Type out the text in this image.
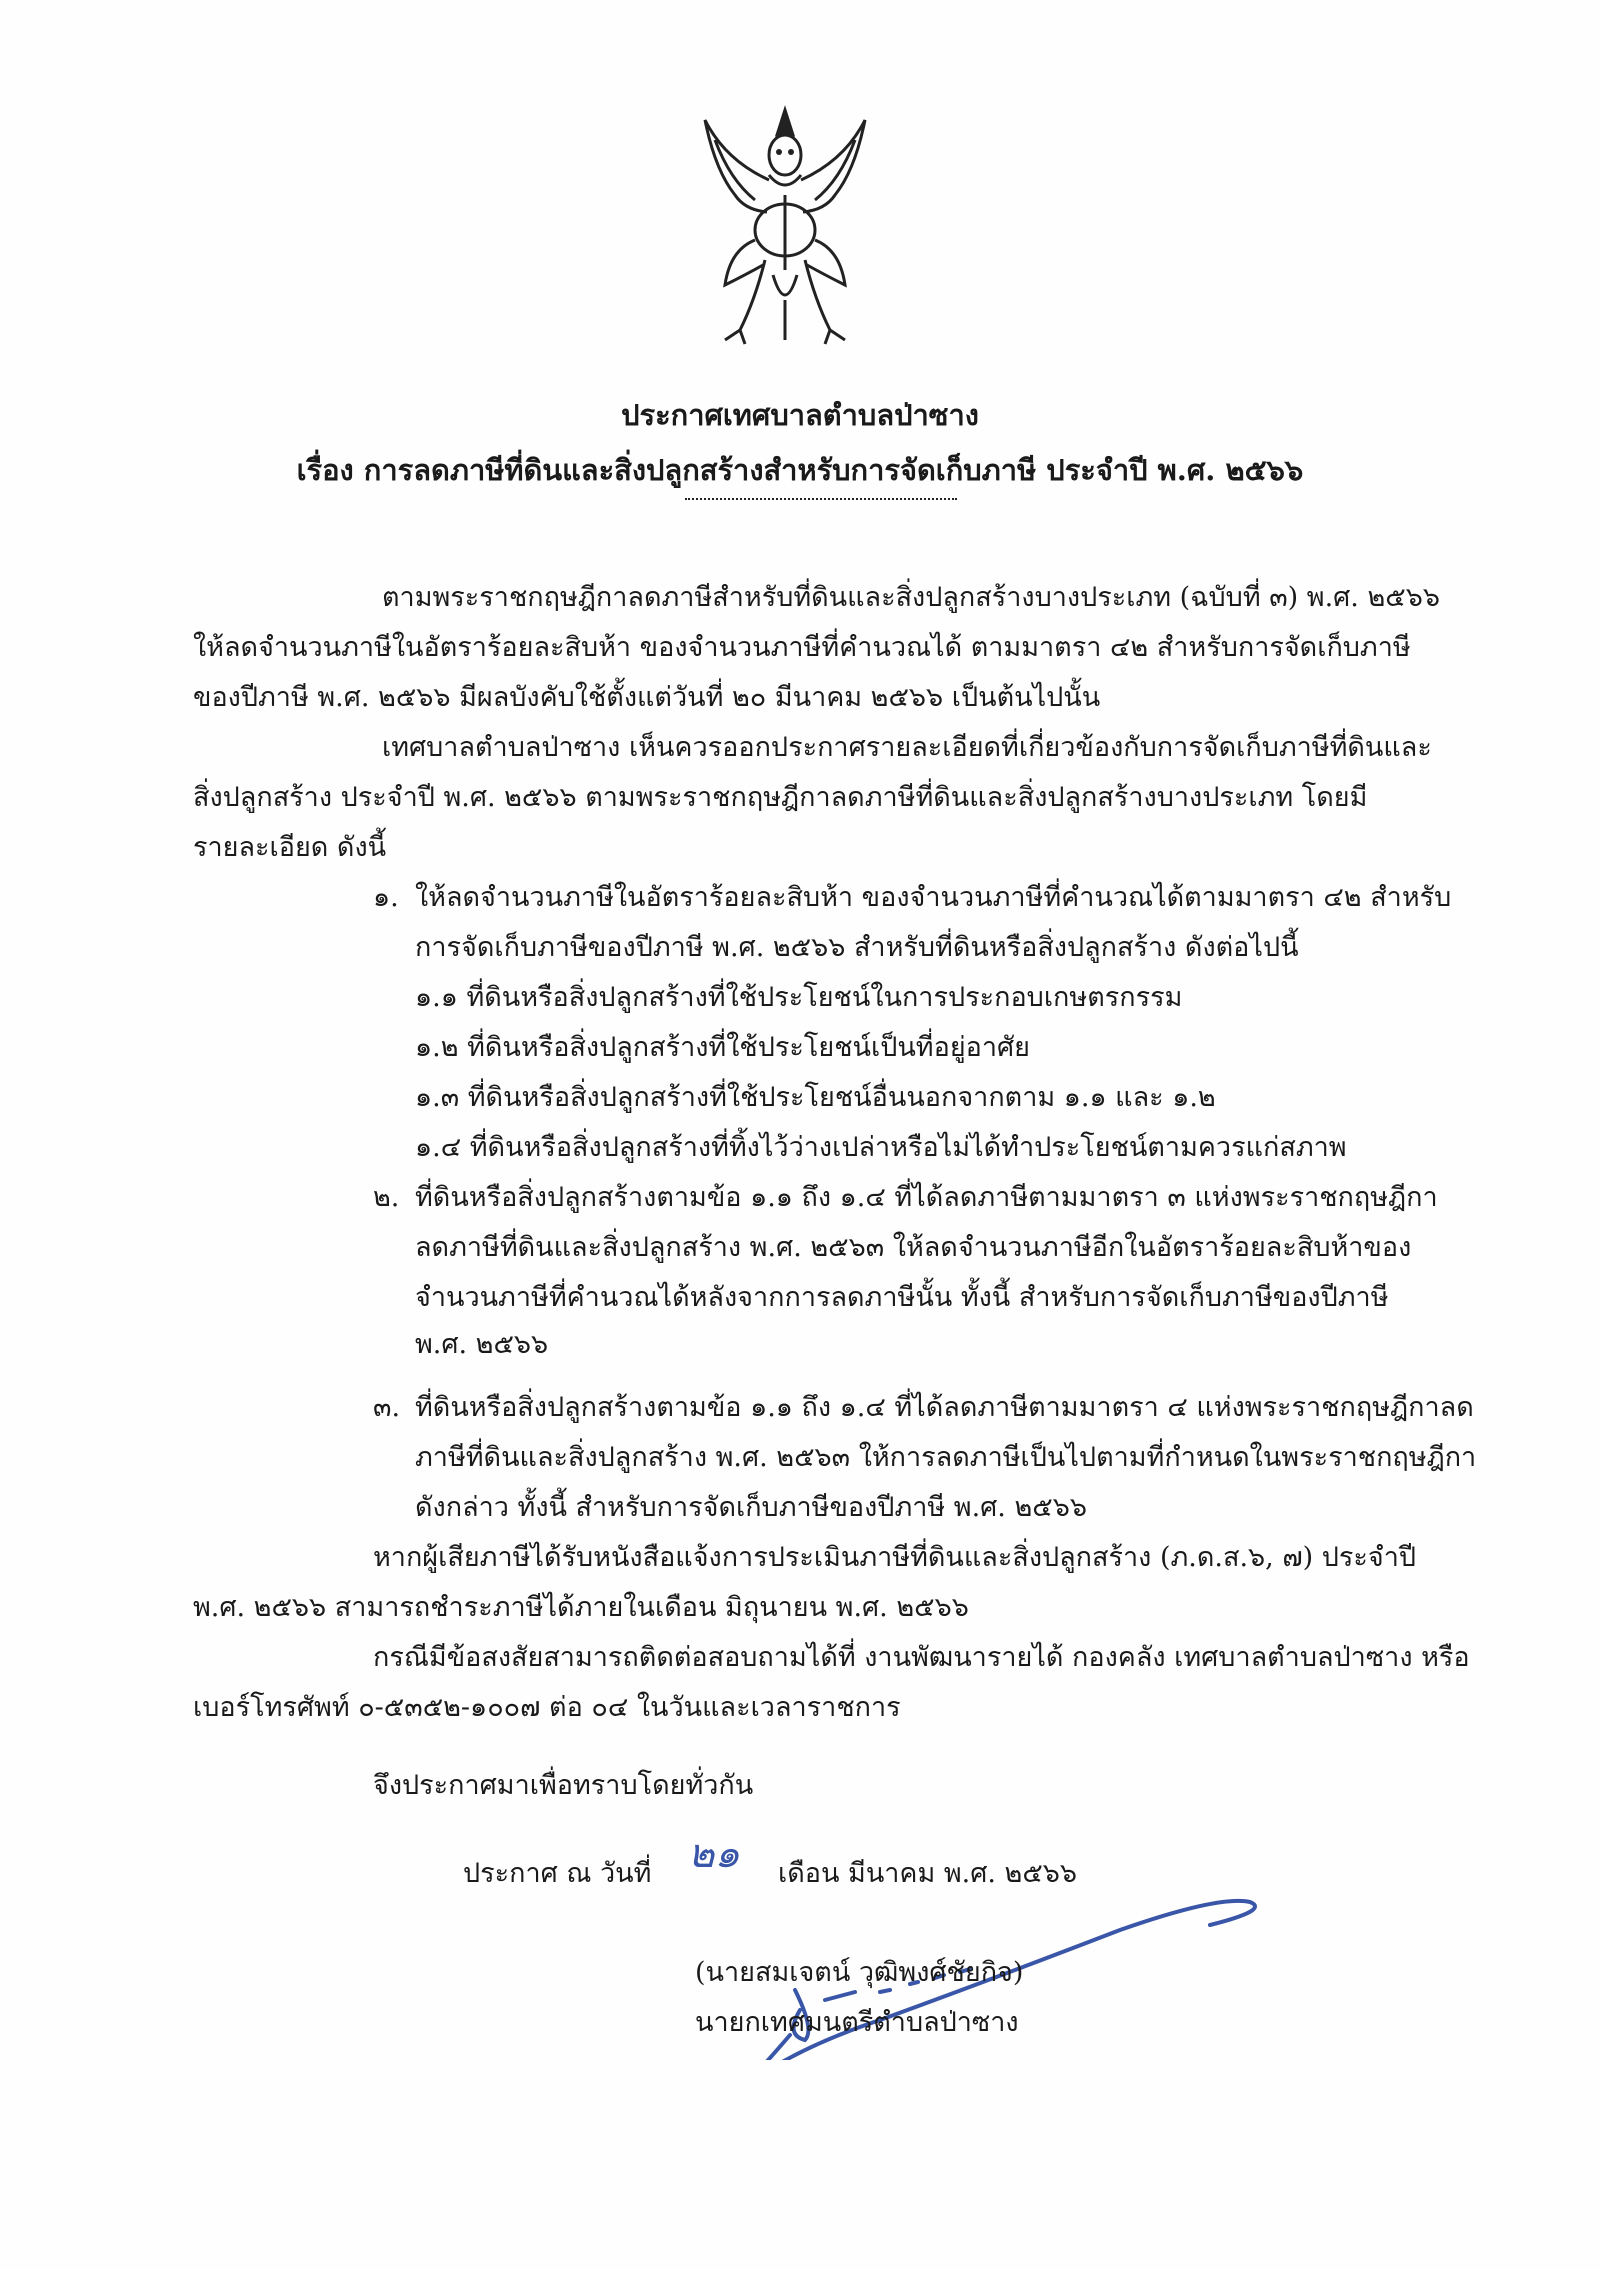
ประกาศเทศบาลตำบลป่าซาง
เรื่อง การลดภาษีที่ดินและสิ่งปลูกสร้างสำหรับการจัดเก็บภาษี ประจำปี พ.ศ. ๒๕๖๖
ตามพระราชกฤษฎีกาลดภาษีสำหรับที่ดินและสิ่งปลูกสร้างบางประเภท (ฉบับที่ ๓) พ.ศ. ๒๕๖๖
ให้ลดจำนวนภาษีในอัตราร้อยละสิบห้า ของจำนวนภาษีที่คำนวณได้ ตามมาตรา ๔๒ สำหรับการจัดเก็บภาษี
ของปีภาษี พ.ศ. ๒๕๖๖ มีผลบังคับใช้ตั้งแต่วันที่ ๒๐ มีนาคม ๒๕๖๖ เป็นต้นไปนั้น
เทศบาลตำบลป่าซาง เห็นควรออกประกาศรายละเอียดที่เกี่ยวข้องกับการจัดเก็บภาษีที่ดินและ
สิ่งปลูกสร้าง ประจำปี พ.ศ. ๒๕๖๖ ตามพระราชกฤษฎีกาลดภาษีที่ดินและสิ่งปลูกสร้างบางประเภท โดยมี
รายละเอียด ดังนี้
๑. ให้ลดจำนวนภาษีในอัตราร้อยละสิบห้า ของจำนวนภาษีที่คำนวณได้ตามมาตรา ๔๒ สำหรับ
การจัดเก็บภาษีของปีภาษี พ.ศ. ๒๕๖๖ สำหรับที่ดินหรือสิ่งปลูกสร้าง ดังต่อไปนี้
๑.๑ ที่ดินหรือสิ่งปลูกสร้างที่ใช้ประโยชน์ในการประกอบเกษตรกรรม
๑.๒ ที่ดินหรือสิ่งปลูกสร้างที่ใช้ประโยชน์เป็นที่อยู่อาศัย
๑.๓ ที่ดินหรือสิ่งปลูกสร้างที่ใช้ประโยชน์อื่นนอกจากตาม ๑.๑ และ ๑.๒
๑.๔ ที่ดินหรือสิ่งปลูกสร้างที่ทิ้งไว้ว่างเปล่าหรือไม่ได้ทำประโยชน์ตามควรแก่สภาพ
๒. ที่ดินหรือสิ่งปลูกสร้างตามข้อ ๑.๑ ถึง ๑.๔ ที่ได้ลดภาษีตามมาตรา ๓ แห่งพระราชกฤษฎีกา
ลดภาษีที่ดินและสิ่งปลูกสร้าง พ.ศ. ๒๕๖๓ ให้ลดจำนวนภาษีอีกในอัตราร้อยละสิบห้าของ
จำนวนภาษีที่คำนวณได้หลังจากการลดภาษีนั้น ทั้งนี้ สำหรับการจัดเก็บภาษีของปีภาษี
พ.ศ. ๒๕๖๖
๓. ที่ดินหรือสิ่งปลูกสร้างตามข้อ ๑.๑ ถึง ๑.๔ ที่ได้ลดภาษีตามมาตรา ๔ แห่งพระราชกฤษฎีกาลด
ภาษีที่ดินและสิ่งปลูกสร้าง พ.ศ. ๒๕๖๓ ให้การลดภาษีเป็นไปตามที่กำหนดในพระราชกฤษฎีกา
ดังกล่าว ทั้งนี้ สำหรับการจัดเก็บภาษีของปีภาษี พ.ศ. ๒๕๖๖
หากผู้เสียภาษีได้รับหนังสือแจ้งการประเมินภาษีที่ดินและสิ่งปลูกสร้าง (ภ.ด.ส.๖, ๗) ประจำปี
พ.ศ. ๒๕๖๖ สามารถชำระภาษีได้ภายในเดือน มิถุนายน พ.ศ. ๒๕๖๖
กรณีมีข้อสงสัยสามารถติดต่อสอบถามได้ที่ งานพัฒนารายได้ กองคลัง เทศบาลตำบลป่าซาง หรือ
เบอร์โทรศัพท์ ๐-๕๓๕๒-๑๐๐๗ ต่อ ๐๔ ในวันและเวลาราชการ
จึงประกาศมาเพื่อทราบโดยทั่วกัน
ประกาศ ณ วันที่ ๒๑ เดือน มีนาคม พ.ศ. ๒๕๖๖
(นายสมเจตน์ วุฒิพงศ์ชัยกิจ)
นายกเทศมนตรีตำบลป่าซาง
